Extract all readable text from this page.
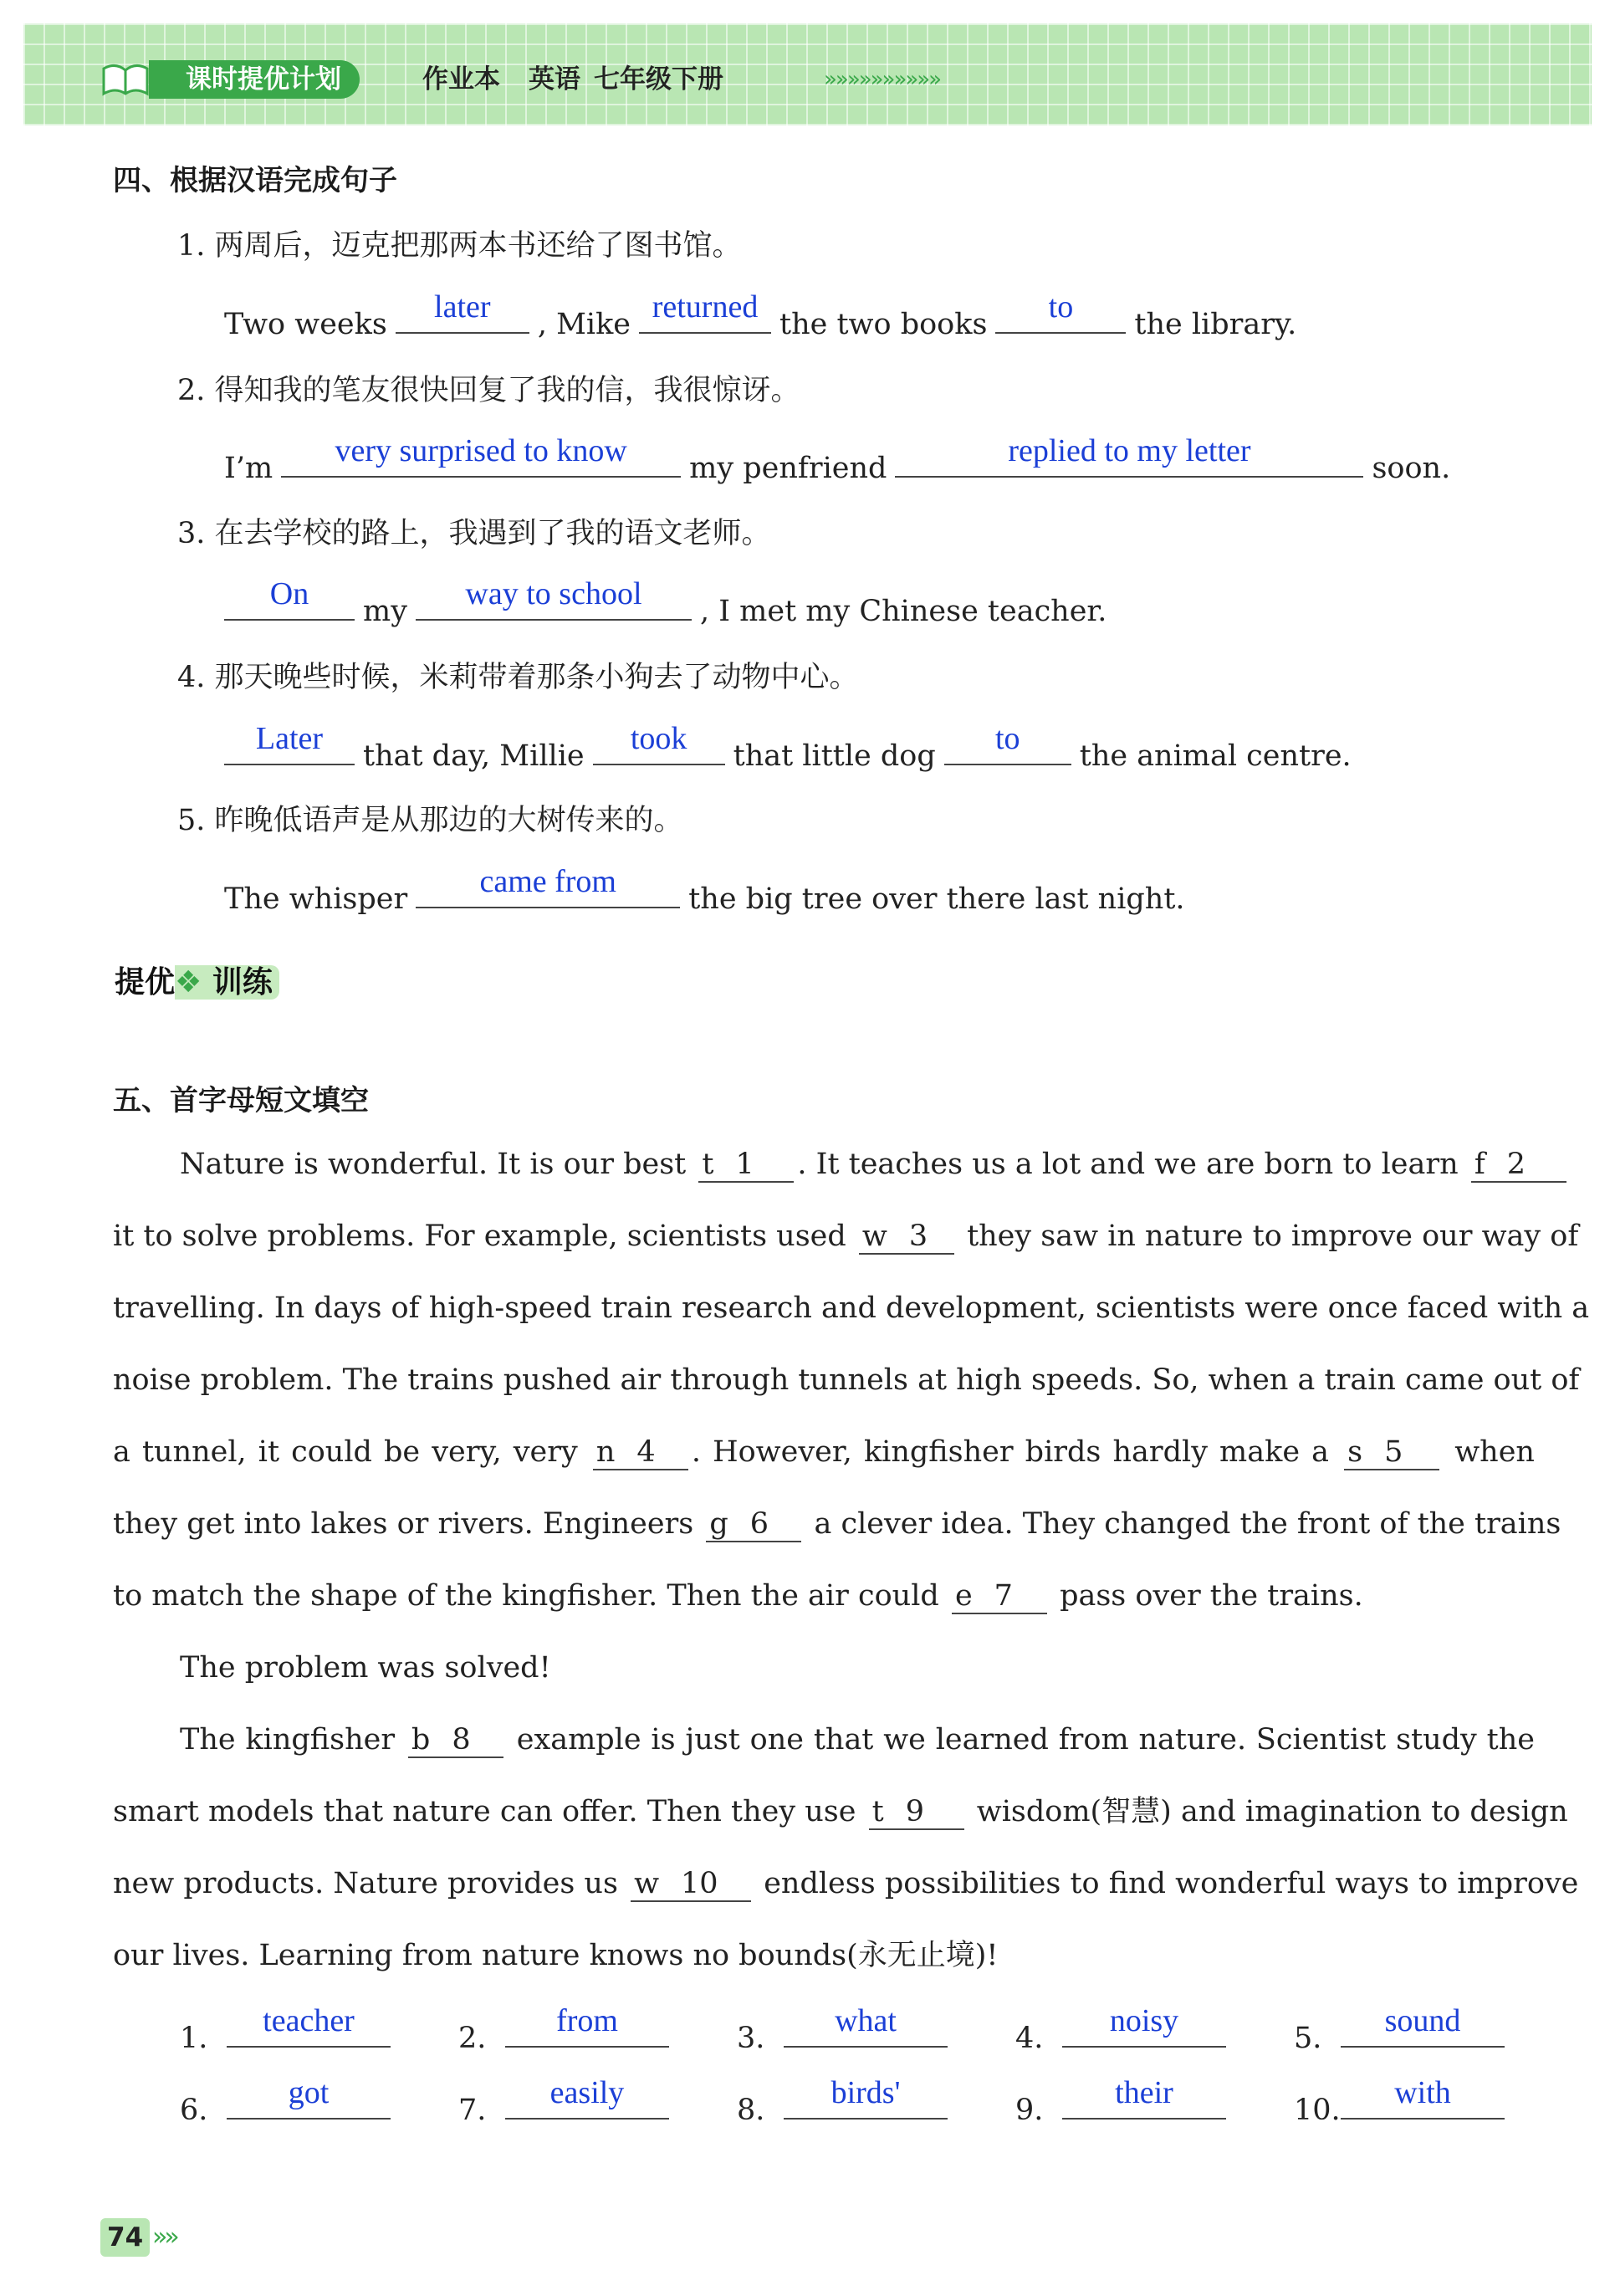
课时提优计划	作业本 英语 七年级下册	»»»»»»»»»»
四、根据汉语完成句子
1. 两周后，迈克把那两本书还给了图书馆。
Two weeks	later	, Mike returned the two books	to	the library.
2. 得知我的笔友很快回复了我的信，我很惊讶。
I’m	very surprised to know	my penfriend	replied to my letter	soon.
3. 在去学校的路上，我遇到了我的语文老师。
On	my	way to school	, I met my Chinese teacher.
4. 那天晚些时候，米莉带着那条小狗去了动物中心。
Later	that day, Millie	took	that little dog	to	the animal centre.
5. 昨晚低语声是从那边的大树传来的。
The whisper	came from	the big tree over there last night.
提优❖ 训练
五、首字母短文填空
Nature is wonderful. It is our best t 1 . It teaches us a lot and we are born to learn f 2
it to solve problems. For example, scientists used w 3 they saw in nature to improve our way of
travelling. In days of high-speed train research and development, scientists were once faced with a
noise problem. The trains pushed air through tunnels at high speeds. So, when a train came out of
a tunnel, it could be very, very n 4 . However, kingfisher birds hardly make a s 5 when
they get into lakes or rivers. Engineers g 6 a clever idea. They changed the front of the trains
to match the shape of the kingfisher. Then the air could e 7 pass over the trains.
The problem was solved!
The kingfisher b 8 example is just one that we learned from nature. Scientist study the
smart models that nature can offer. Then they use t 9 wisdom(智慧) and imagination to design
new products. Nature provides us w 10 endless possibilities to find wonderful ways to improve
our lives. Learning from nature knows no bounds(永无止境)!
1.	teacher	2.	from	3.	what	4.	noisy	5.	sound
6.	got	7.	easily	8.	birds'	9.	their	10.	with
74 »»
